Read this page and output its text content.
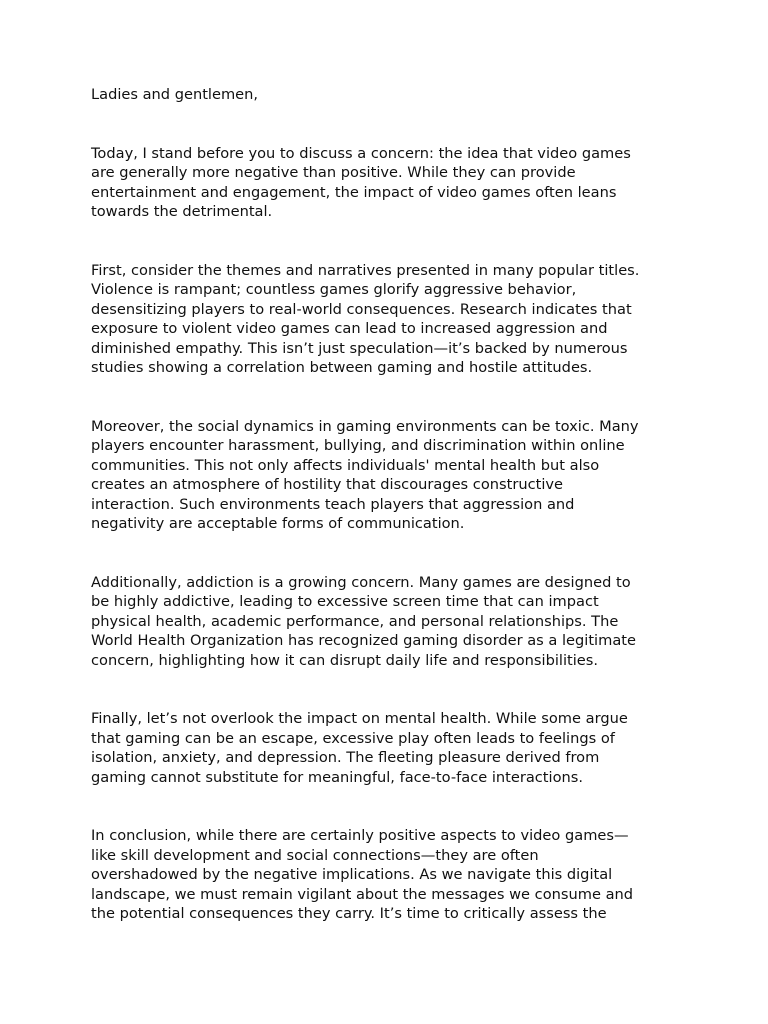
Ladies and gentlemen,

Today, I stand before you to discuss a concern: the idea that video games
are generally more negative than positive. While they can provide
entertainment and engagement, the impact of video games often leans
towards the detrimental.

First, consider the themes and narratives presented in many popular titles.
Violence is rampant; countless games glorify aggressive behavior,
desensitizing players to real-world consequences. Research indicates that
exposure to violent video games can lead to increased aggression and
diminished empathy. This isn’t just speculation—it’s backed by numerous
studies showing a correlation between gaming and hostile attitudes.

Moreover, the social dynamics in gaming environments can be toxic. Many
players encounter harassment, bullying, and discrimination within online
communities. This not only affects individuals' mental health but also
creates an atmosphere of hostility that discourages constructive
interaction. Such environments teach players that aggression and
negativity are acceptable forms of communication.

Additionally, addiction is a growing concern. Many games are designed to
be highly addictive, leading to excessive screen time that can impact
physical health, academic performance, and personal relationships. The
World Health Organization has recognized gaming disorder as a legitimate
concern, highlighting how it can disrupt daily life and responsibilities.

Finally, let’s not overlook the impact on mental health. While some argue
that gaming can be an escape, excessive play often leads to feelings of
isolation, anxiety, and depression. The fleeting pleasure derived from
gaming cannot substitute for meaningful, face-to-face interactions.

In conclusion, while there are certainly positive aspects to video games—
like skill development and social connections—they are often
overshadowed by the negative implications. As we navigate this digital
landscape, we must remain vigilant about the messages we consume and
the potential consequences they carry. It’s time to critically assess the
